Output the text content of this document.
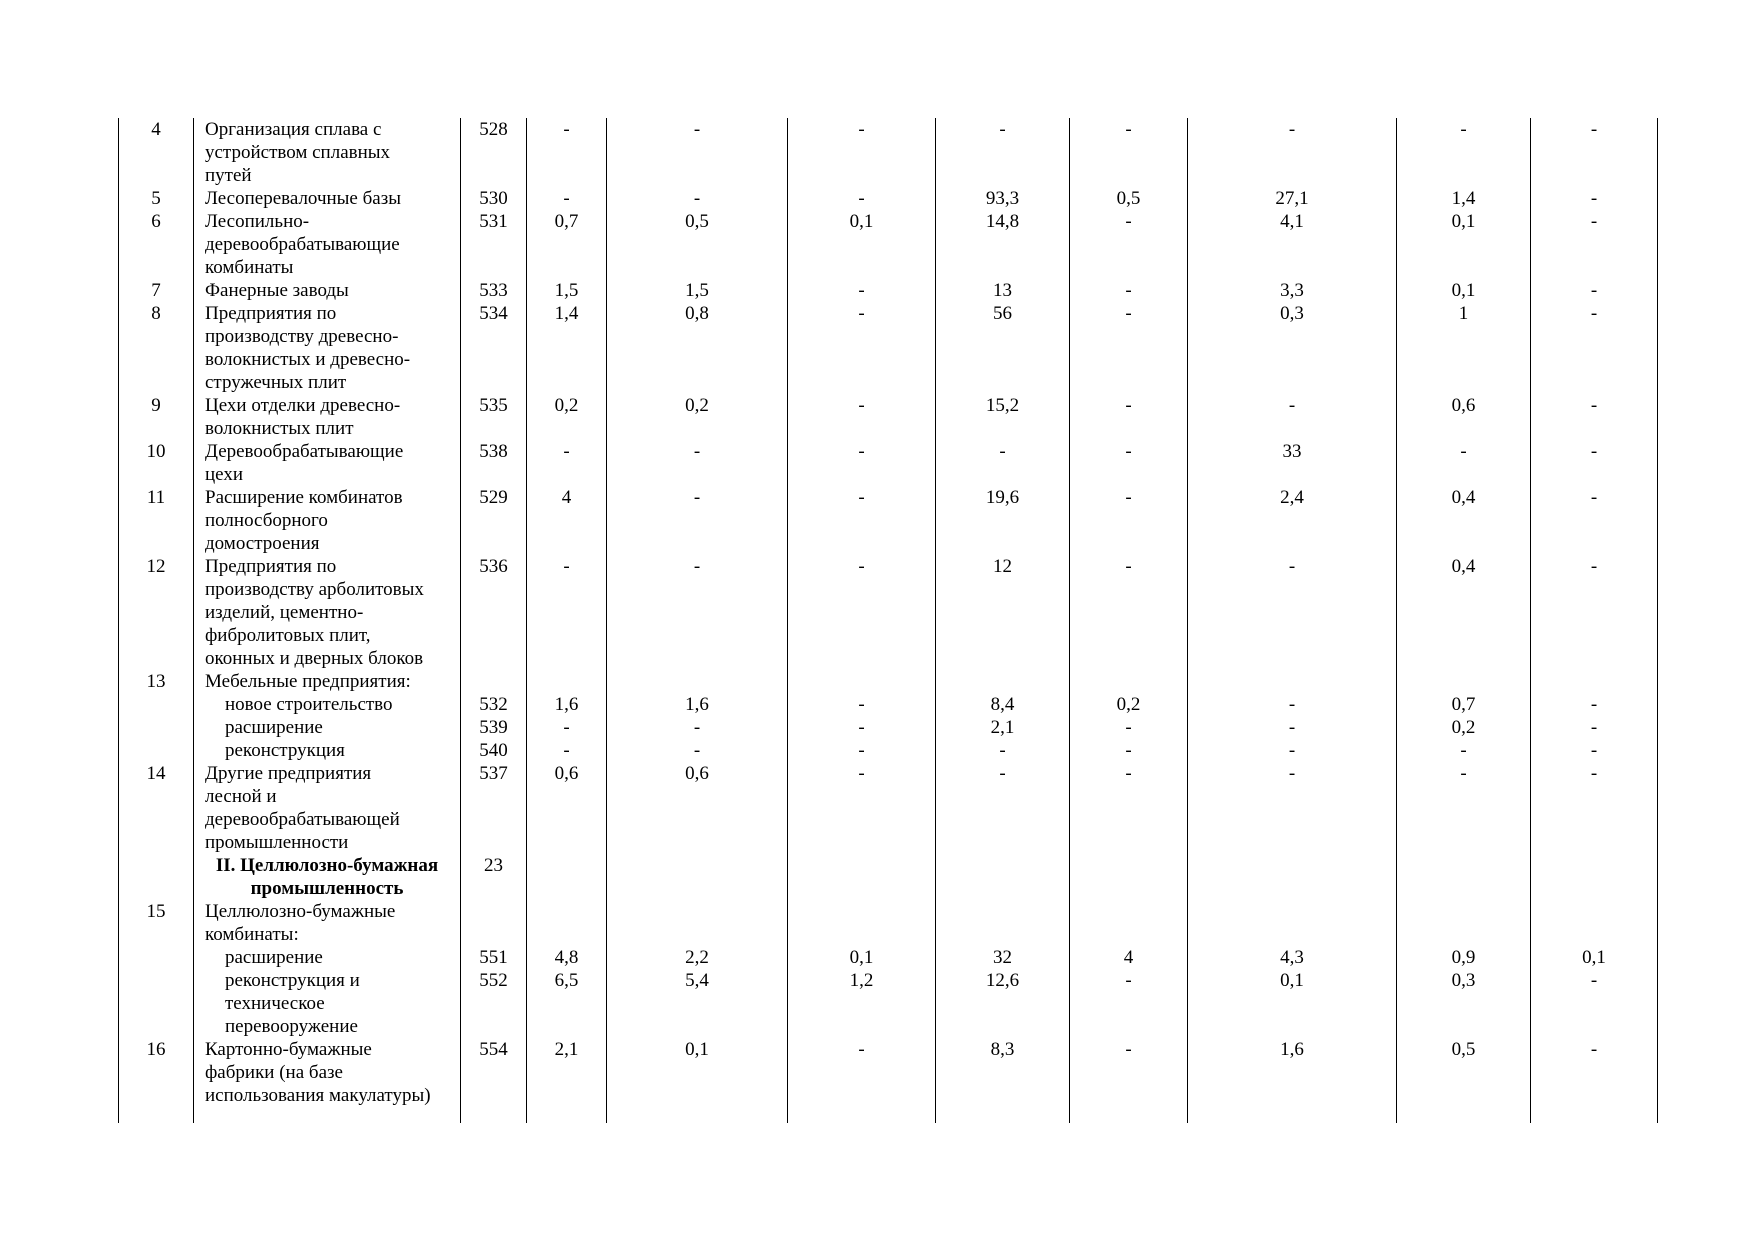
4	Организация сплава с
устройством сплавных
путей	528	-	-	-	-	-	-	-	-
5	Лесоперевалочные базы	530	-	-	-	93,3	0,5	27,1	1,4	-
6	Лесопильно-
деревообрабатывающие
комбинаты	531	0,7	0,5	0,1	14,8	-	4,1	0,1	-
7	Фанерные заводы	533	1,5	1,5	-	13	-	3,3	0,1	-
8	Предприятия по
производству древесно-
волокнистых и древесно-
стружечных плит	534	1,4	0,8	-	56	-	0,3	1	-
9	Цехи отделки древесно-
волокнистых плит	535	0,2	0,2	-	15,2	-	-	0,6	-
10	Деревообрабатывающие
цехи	538	-	-	-	-	-	33	-	-
11	Расширение комбинатов
полносборного
домостроения	529	4	-	-	19,6	-	2,4	0,4	-
12	Предприятия по
производству арболитовых
изделий, цементно-
фибролитовых плит,
оконных и дверных блоков	536	-	-	-	12	-	-	0,4	-
13	Мебельные предприятия:									
	новое строительство	532	1,6	1,6	-	8,4	0,2	-	0,7	-
	расширение	539	-	-	-	2,1	-	-	0,2	-
	реконструкция	540	-	-	-	-	-	-	-	-
14	Другие предприятия
лесной и
деревообрабатывающей
промышленности	537	0,6	0,6	-	-	-	-	-	-
	II. Целлюлозно-бумажная
промышленность	23								
15	Целлюлозно-бумажные
комбинаты:									
	расширение	551	4,8	2,2	0,1	32	4	4,3	0,9	0,1
	реконструкция и
техническое
перевооружение	552	6,5	5,4	1,2	12,6	-	0,1	0,3	-
16	Картонно-бумажные
фабрики (на базе
использования макулатуры)	554	2,1	0,1	-	8,3	-	1,6	0,5	-
